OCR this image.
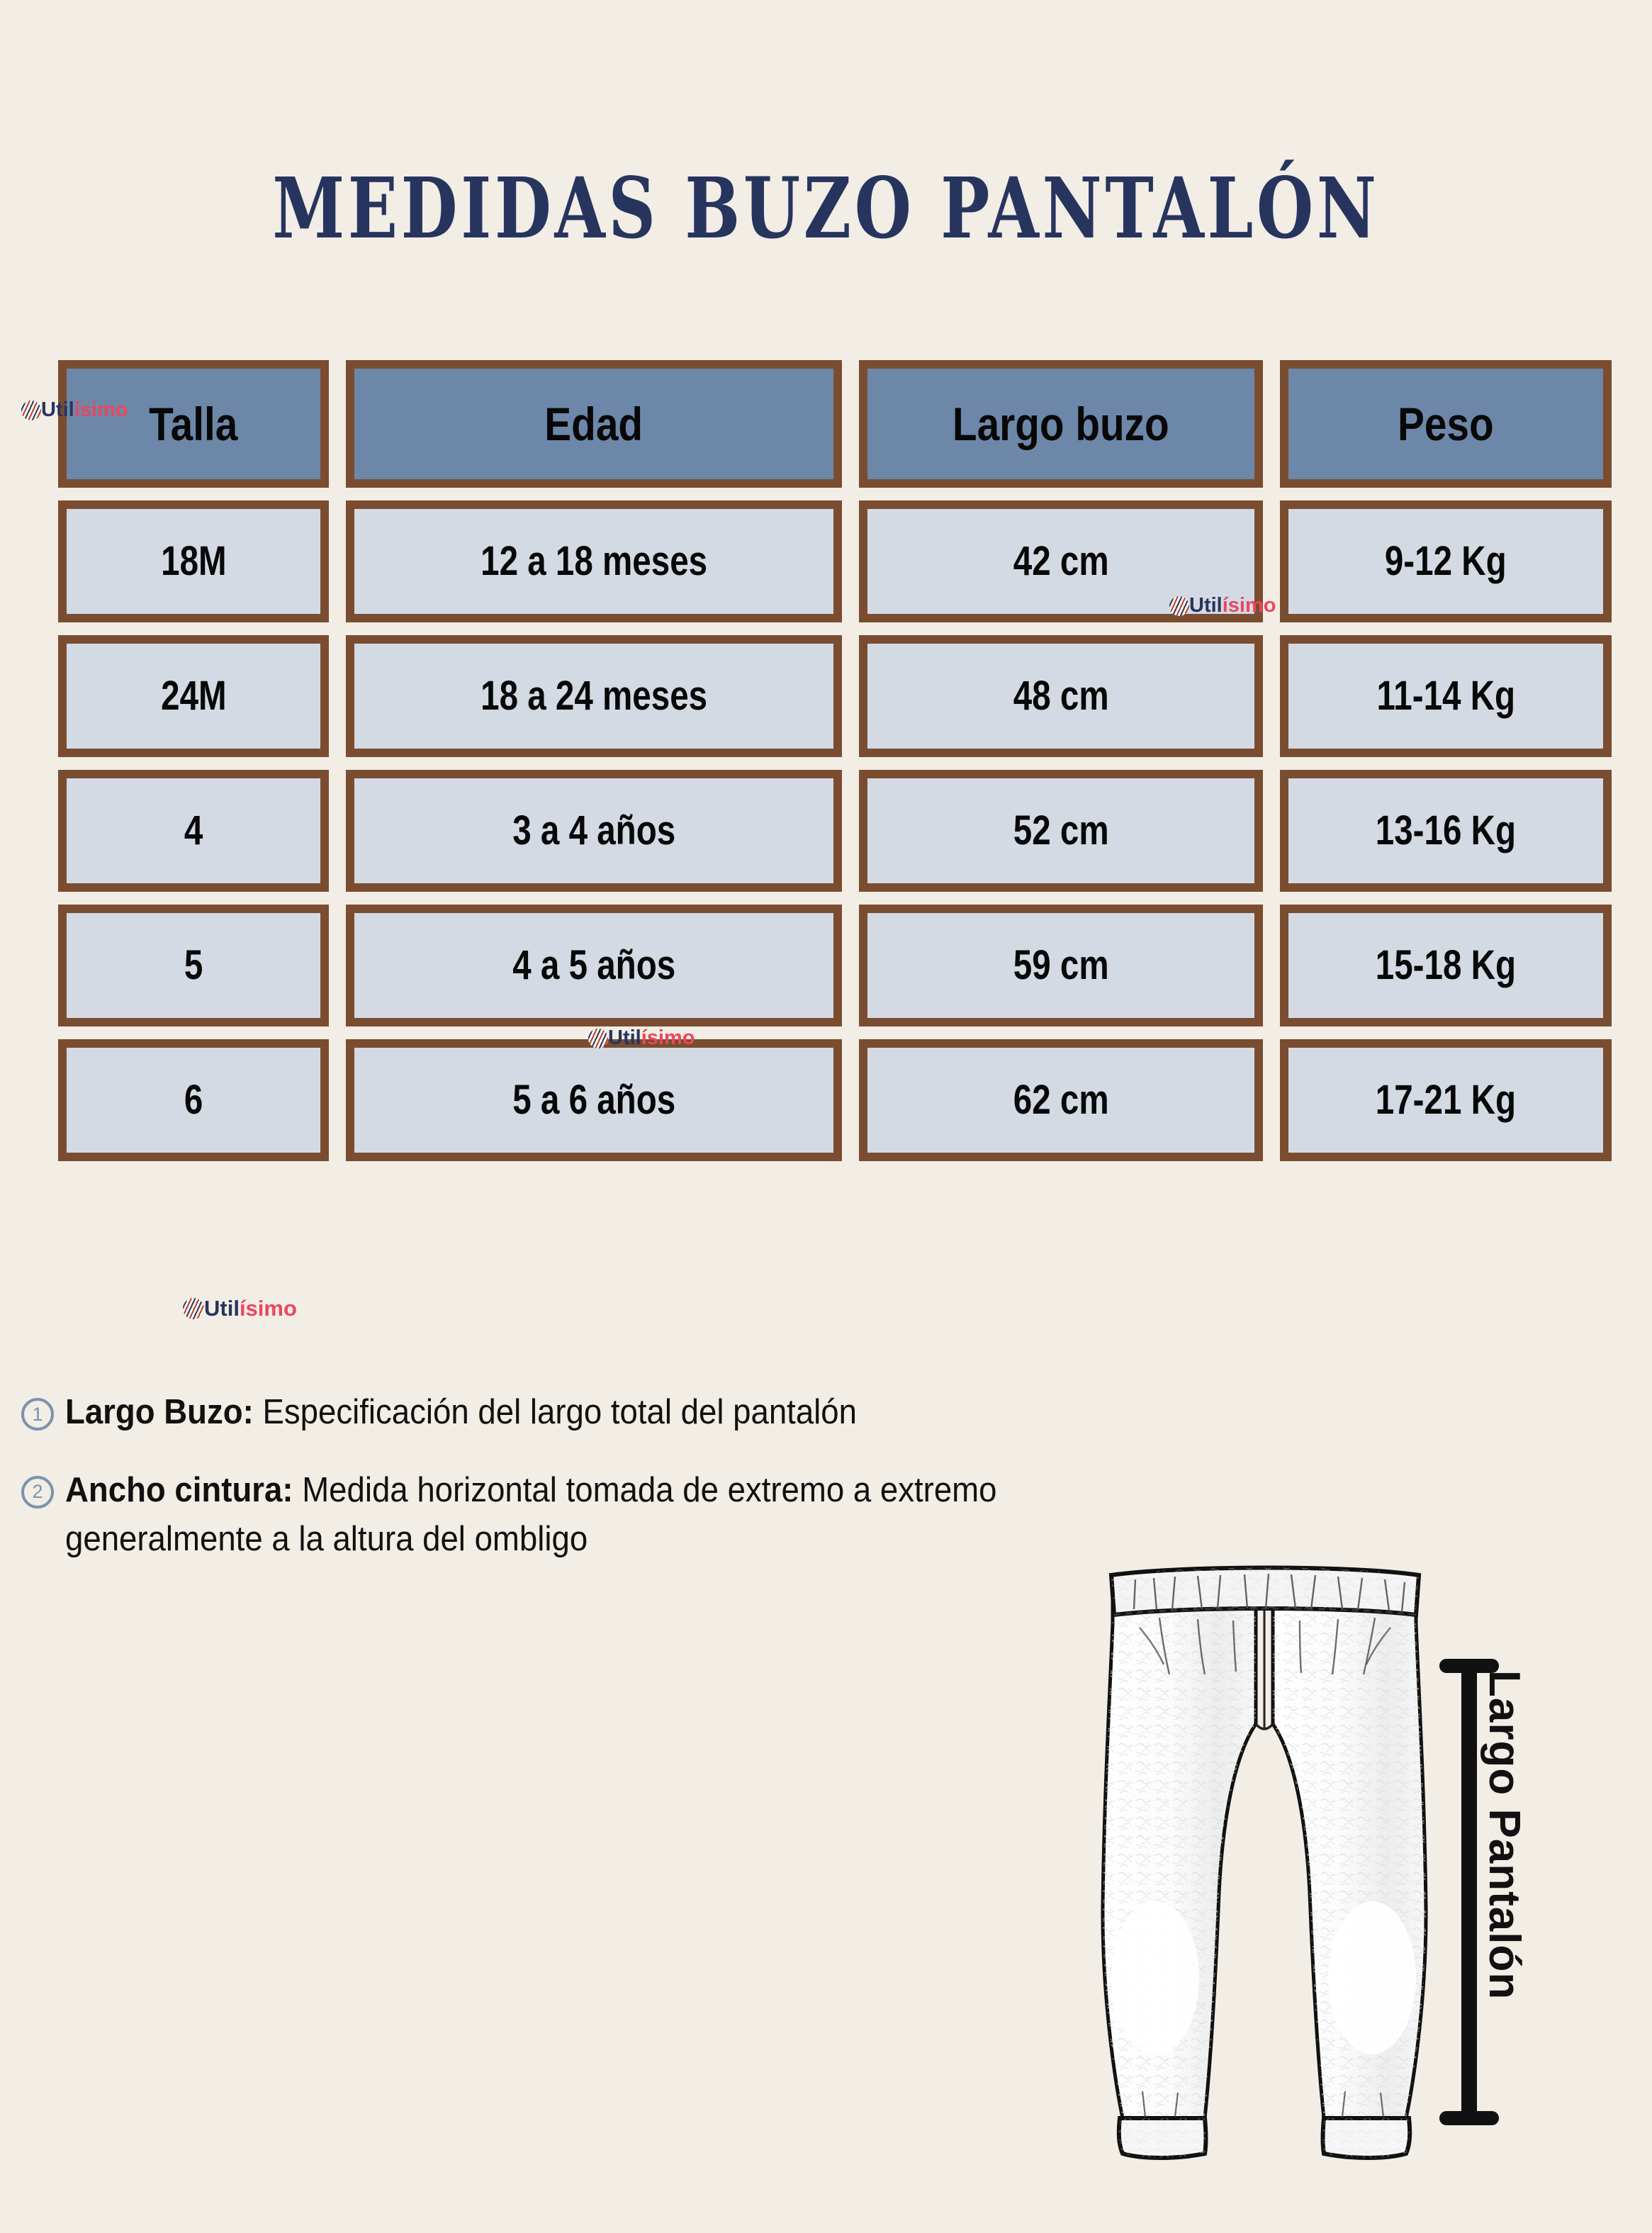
MEDIDAS BUZO PANTALÓN
Talla	Edad	Largo buzo	Peso
18M	12 a 18 meses	42 cm	9-12 Kg
24M	18 a 24 meses	48 cm	11-14 Kg
4	3 a 4 años	52 cm	13-16 Kg
5	4 a 5 años	59 cm	15-18 Kg
6	5 a 6 años	62 cm	17-21 Kg
Util ísimo
Util ísimo
Util ísimo
Util ísimo
1 Largo Buzo: Especificación del largo total del pantalón
2 Ancho cintura: Medida horizontal tomada de extremo a extremo generalmente a la altura del ombligo
Largo Pantalón
